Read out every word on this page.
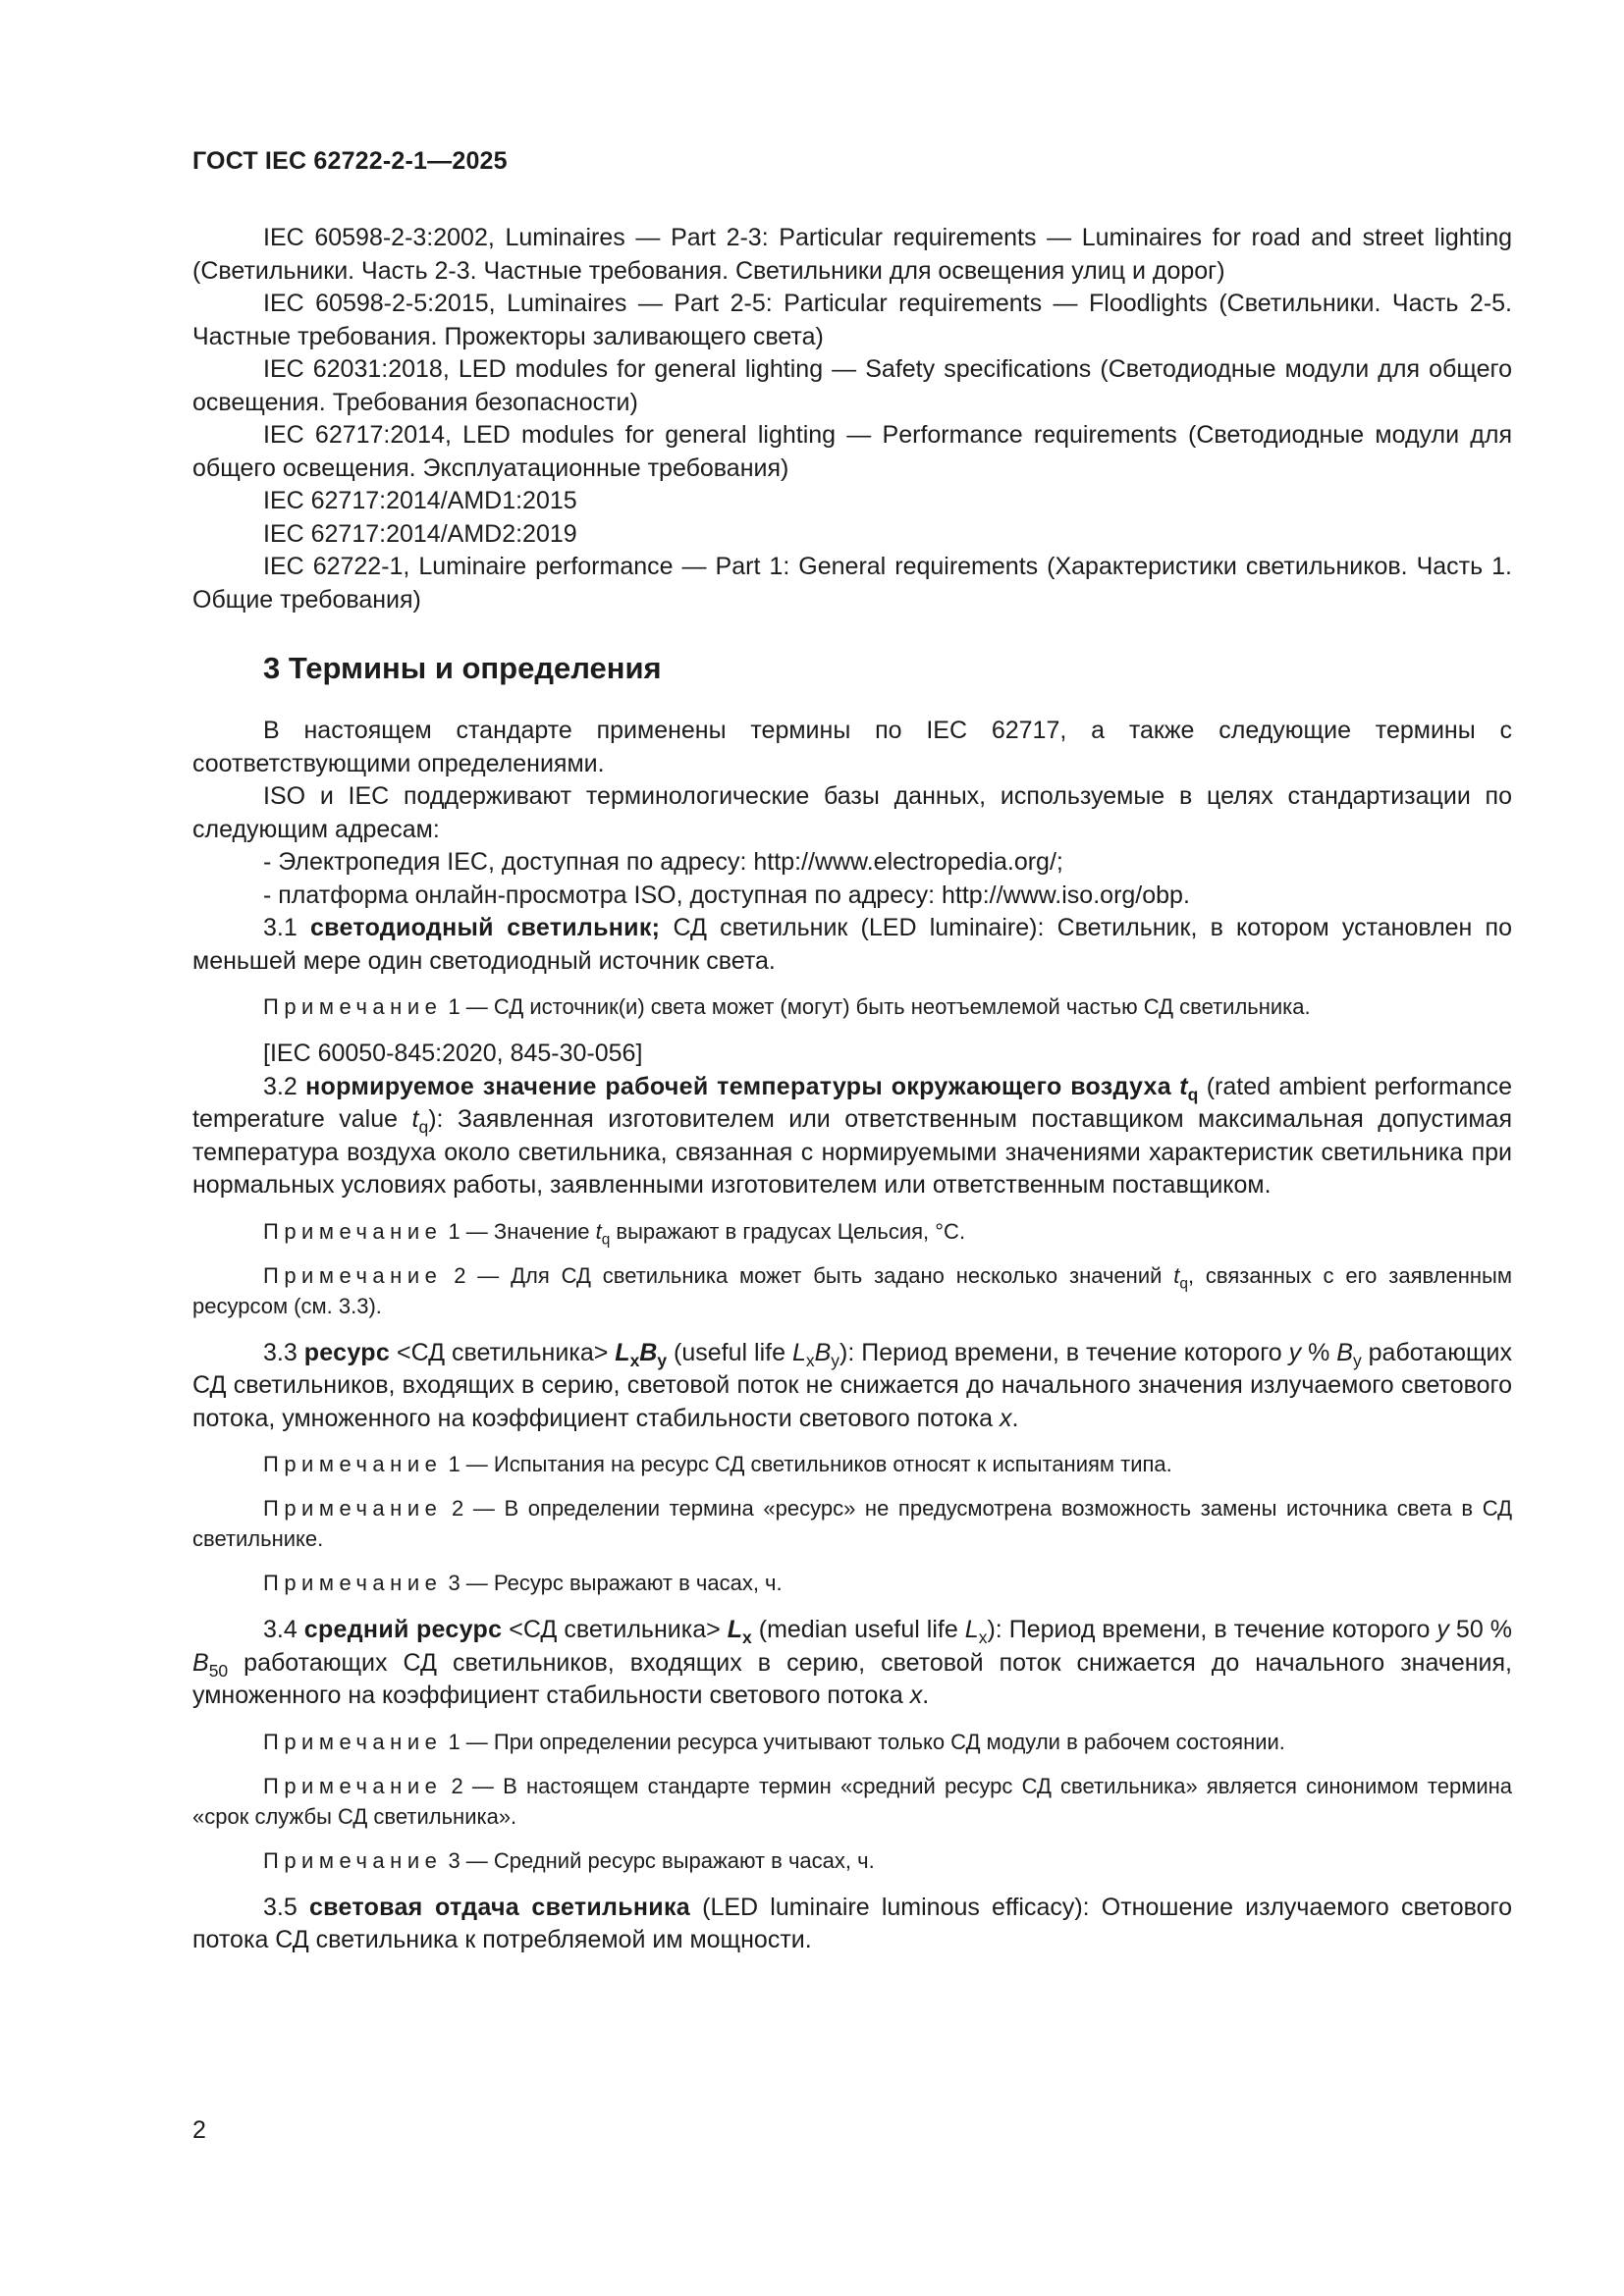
ГОСТ IEC 62722-2-1—2025

IEC 60598-2-3:2002, Luminaires — Part 2-3: Particular requirements — Luminaires for road and street lighting (Светильники. Часть 2-3. Частные требования. Светильники для освещения улиц и дорог)

IEC 60598-2-5:2015, Luminaires — Part 2-5: Particular requirements — Floodlights (Светильники. Часть 2-5. Частные требования. Прожекторы заливающего света)

IEC 62031:2018, LED modules for general lighting — Safety specifications (Светодиодные модули для общего освещения. Требования безопасности)

IEC 62717:2014, LED modules for general lighting — Performance requirements (Светодиодные модули для общего освещения. Эксплуатационные требования)

IEC 62717:2014/AMD1:2015

IEC 62717:2014/AMD2:2019

IEC 62722-1, Luminaire performance — Part 1: General requirements (Характеристики светильников. Часть 1. Общие требования)

3 Термины и определения

В настоящем стандарте применены термины по IEC 62717, а также следующие термины с соответствующими определениями.

ISO и IEC поддерживают терминологические базы данных, используемые в целях стандартизации по следующим адресам:

- Электропедия IEC, доступная по адресу: http://www.electropedia.org/;

- платформа онлайн-просмотра ISO, доступная по адресу: http://www.iso.org/obp.

3.1 светодиодный светильник; СД светильник (LED luminaire): Светильник, в котором установлен по меньшей мере один светодиодный источник света.

Примечание 1 — СД источник(и) света может (могут) быть неотъемлемой частью СД светильника.

[IEC 60050-845:2020, 845-30-056]

3.2 нормируемое значение рабочей температуры окружающего воздуха $t_q$ (rated ambient performance temperature value $t_q$): Заявленная изготовителем или ответственным поставщиком максимальная допустимая температура воздуха около светильника, связанная с нормируемыми значениями характеристик светильника при нормальных условиях работы, заявленными изготовителем или ответственным поставщиком.

Примечание 1 — Значение $t_q$ выражают в градусах Цельсия, °С.

Примечание 2 — Для СД светильника может быть задано несколько значений $t_q$, связанных с его заявленным ресурсом (см. 3.3).

3.3 ресурс <СД светильника> $L_xB_y$ (useful life $L_xB_y$): Период времени, в течение которого y % $B_y$ работающих СД светильников, входящих в серию, световой поток не снижается до начального значения излучаемого светового потока, умноженного на коэффициент стабильности светового потока x.

Примечание 1 — Испытания на ресурс СД светильников относят к испытаниям типа.

Примечание 2 — В определении термина «ресурс» не предусмотрена возможность замены источника света в СД светильнике.

Примечание 3 — Ресурс выражают в часах, ч.

3.4 средний ресурс <СД светильника> $L_x$ (median useful life $L_x$): Период времени, в течение которого y 50 % $B_{50}$ работающих СД светильников, входящих в серию, световой поток снижается до начального значения, умноженного на коэффициент стабильности светового потока x.

Примечание 1 — При определении ресурса учитывают только СД модули в рабочем состоянии.

Примечание 2 — В настоящем стандарте термин «средний ресурс СД светильника» является синонимом термина «срок службы СД светильника».

Примечание 3 — Средний ресурс выражают в часах, ч.

3.5 световая отдача светильника (LED luminaire luminous efficacy): Отношение излучаемого светового потока СД светильника к потребляемой им мощности.

2
